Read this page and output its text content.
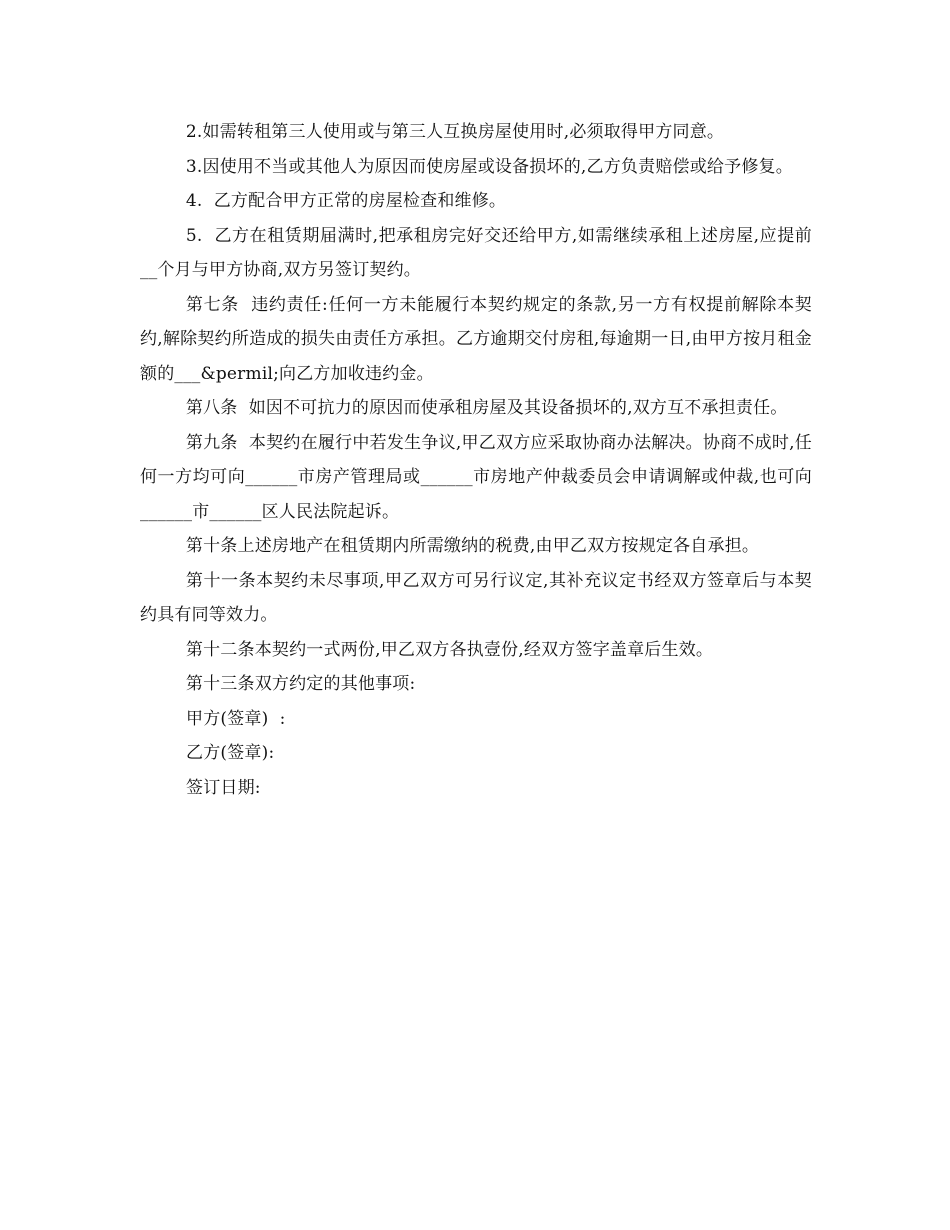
2.如需转租第三人使用或与第三人互换房屋使用时,必须取得甲方同意。

3.因使用不当或其他人为原因而使房屋或设备损坏的,乙方负责赔偿或给予修复。

4.  乙方配合甲方正常的房屋检查和维修。

5.  乙方在租赁期届满时,把承租房完好交还给甲方,如需继续承租上述房屋,应提前__个月与甲方协商,双方另签订契约。

第七条  违约责任:任何一方未能履行本契约规定的条款,另一方有权提前解除本契约,解除契约所造成的损失由责任方承担。乙方逾期交付房租,每逾期一日,由甲方按月租金额的___&permil;向乙方加收违约金。

第八条  如因不可抗力的原因而使承租房屋及其设备损坏的,双方互不承担责任。

第九条  本契约在履行中若发生争议,甲乙双方应采取协商办法解决。协商不成时,任何一方均可向______市房产管理局或______市房地产仲裁委员会申请调解或仲裁,也可向______市______区人民法院起诉。

第十条上述房地产在租赁期内所需缴纳的税费,由甲乙双方按规定各自承担。

第十一条本契约未尽事项,甲乙双方可另行议定,其补充议定书经双方签章后与本契约具有同等效力。

第十二条本契约一式两份,甲乙双方各执壹份,经双方签字盖章后生效。

第十三条双方约定的其他事项:

甲方(签章)  :

乙方(签章):

签订日期:
